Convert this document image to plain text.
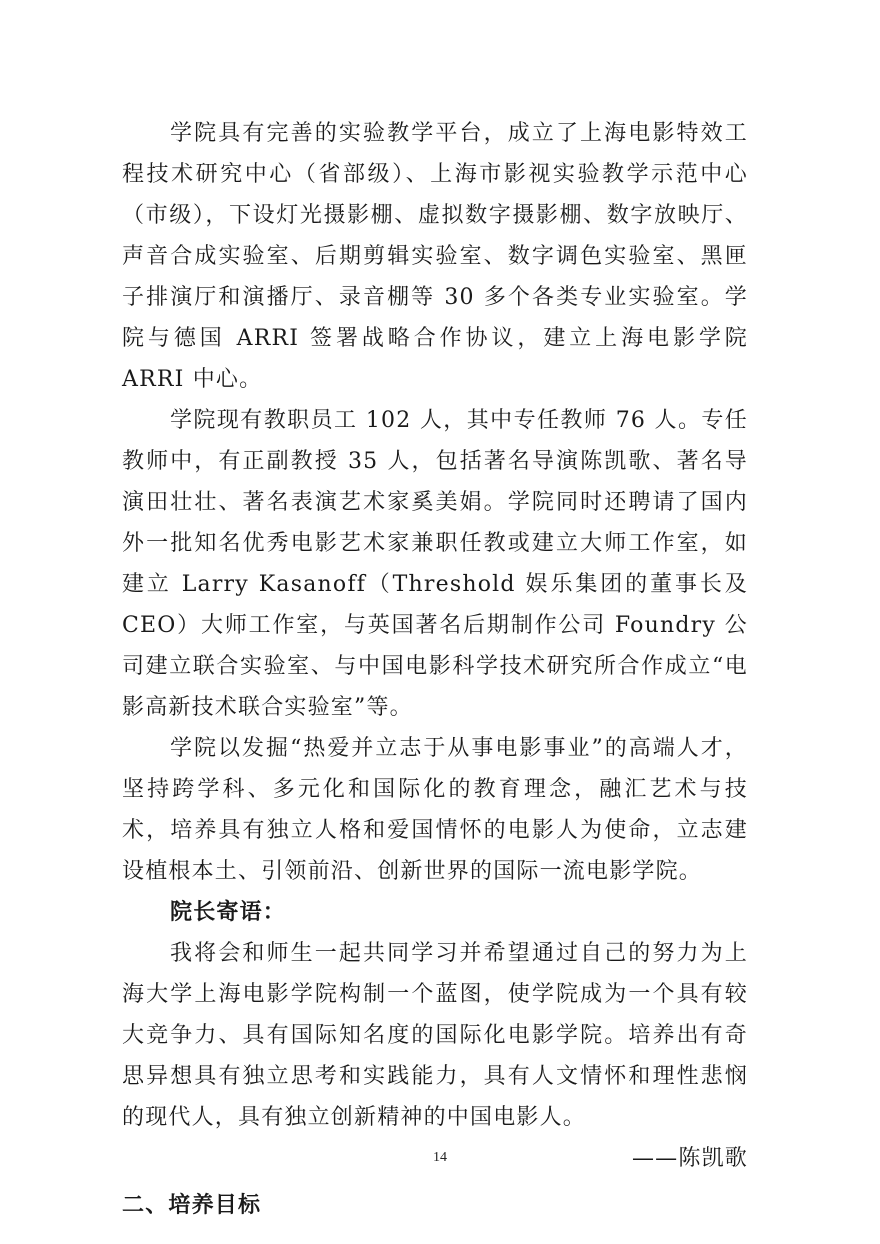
学院具有完善的实验教学平台，成立了上海电影特效工程技术研究中心（省部级）、上海市影视实验教学示范中心（市级），下设灯光摄影棚、虚拟数字摄影棚、数字放映厅、声音合成实验室、后期剪辑实验室、数字调色实验室、黑匣子排演厅和演播厅、录音棚等 30 多个各类专业实验室。学院与德国 ARRI 签署战略合作协议，建立上海电影学院 ARRI 中心。

学院现有教职员工 102 人，其中专任教师 76 人。专任教师中，有正副教授 35 人，包括著名导演陈凯歌、著名导演田壮壮、著名表演艺术家奚美娟。学院同时还聘请了国内外一批知名优秀电影艺术家兼职任教或建立大师工作室，如建立 Larry Kasanoff（Threshold 娱乐集团的董事长及 CEO）大师工作室，与英国著名后期制作公司 Foundry 公司建立联合实验室、与中国电影科学技术研究所合作成立“电影高新技术联合实验室”等。

学院以发掘“热爱并立志于从事电影事业”的高端人才，坚持跨学科、多元化和国际化的教育理念，融汇艺术与技术，培养具有独立人格和爱国情怀的电影人为使命，立志建设植根本土、引领前沿、创新世界的国际一流电影学院。

院长寄语：

我将会和师生一起共同学习并希望通过自己的努力为上海大学上海电影学院构制一个蓝图，使学院成为一个具有较大竞争力、具有国际知名度的国际化电影学院。培养出有奇思异想具有独立思考和实践能力，具有人文情怀和理性悲悯的现代人，具有独立创新精神的中国电影人。

——陈凯歌

二、培养目标

14
